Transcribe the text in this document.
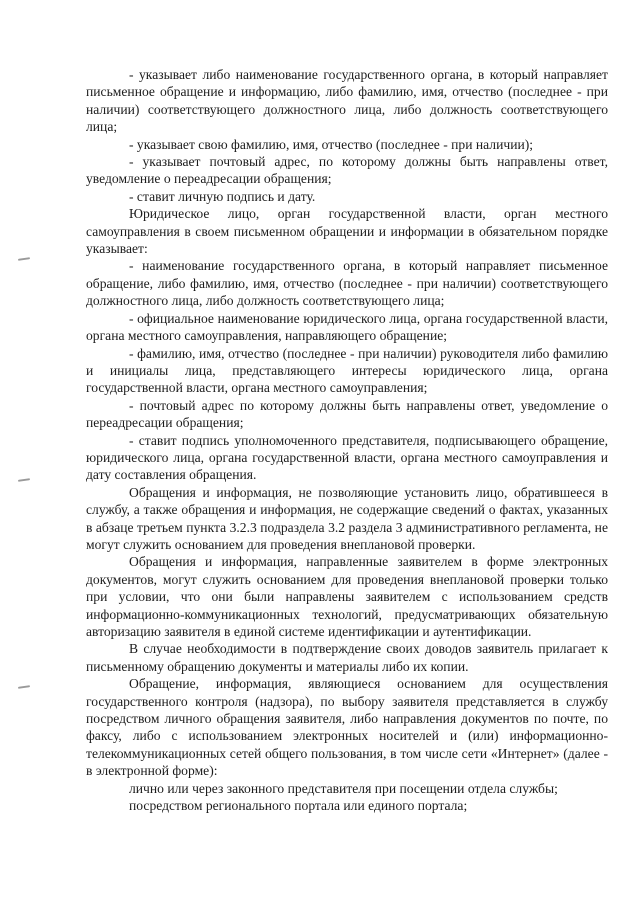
- указывает либо наименование государственного органа, в который направляет письменное обращение и информацию, либо фамилию, имя, отчество (последнее - при наличии) соответствующего должностного лица, либо должность соответствующего лица;

- указывает свою фамилию, имя, отчество (последнее - при наличии);

- указывает почтовый адрес, по которому должны быть направлены ответ, уведомление о переадресации обращения;

- ставит личную подпись и дату.

Юридическое лицо, орган государственной власти, орган местного самоуправления в своем письменном обращении и информации в обязательном порядке указывает:

- наименование государственного органа, в который направляет письменное обращение, либо фамилию, имя, отчество (последнее - при наличии) соответствующего должностного лица, либо должность соответствующего лица;

- официальное наименование юридического лица, органа государственной власти, органа местного самоуправления, направляющего обращение;

- фамилию, имя, отчество (последнее - при наличии) руководителя либо фамилию и инициалы лица, представляющего интересы юридического лица, органа государственной власти, органа местного самоуправления;

- почтовый адрес по которому должны быть направлены ответ, уведомление о переадресации обращения;

- ставит подпись уполномоченного представителя, подписывающего обращение, юридического лица, органа государственной власти, органа местного самоуправления и дату составления обращения.

Обращения и информация, не позволяющие установить лицо, обратившееся в службу, а также обращения и информация, не содержащие сведений о фактах, указанных в абзаце третьем пункта 3.2.3 подраздела 3.2 раздела 3 административного регламента, не могут служить основанием для проведения внеплановой проверки.

Обращения и информация, направленные заявителем в форме электронных документов, могут служить основанием для проведения внеплановой проверки только при условии, что они были направлены заявителем с использованием средств информационно-коммуникационных технологий, предусматривающих обязательную авторизацию заявителя в единой системе идентификации и аутентификации.

В случае необходимости в подтверждение своих доводов заявитель прилагает к письменному обращению документы и материалы либо их копии.

Обращение, информация, являющиеся основанием для осуществления государственного контроля (надзора), по выбору заявителя представляется в службу посредством личного обращения заявителя, либо направления документов по почте, по факсу, либо с использованием электронных носителей и (или) информационно-телекоммуникационных сетей общего пользования, в том числе сети «Интернет» (далее - в электронной форме):

лично или через законного представителя при посещении отдела службы;

посредством регионального портала или единого портала;
